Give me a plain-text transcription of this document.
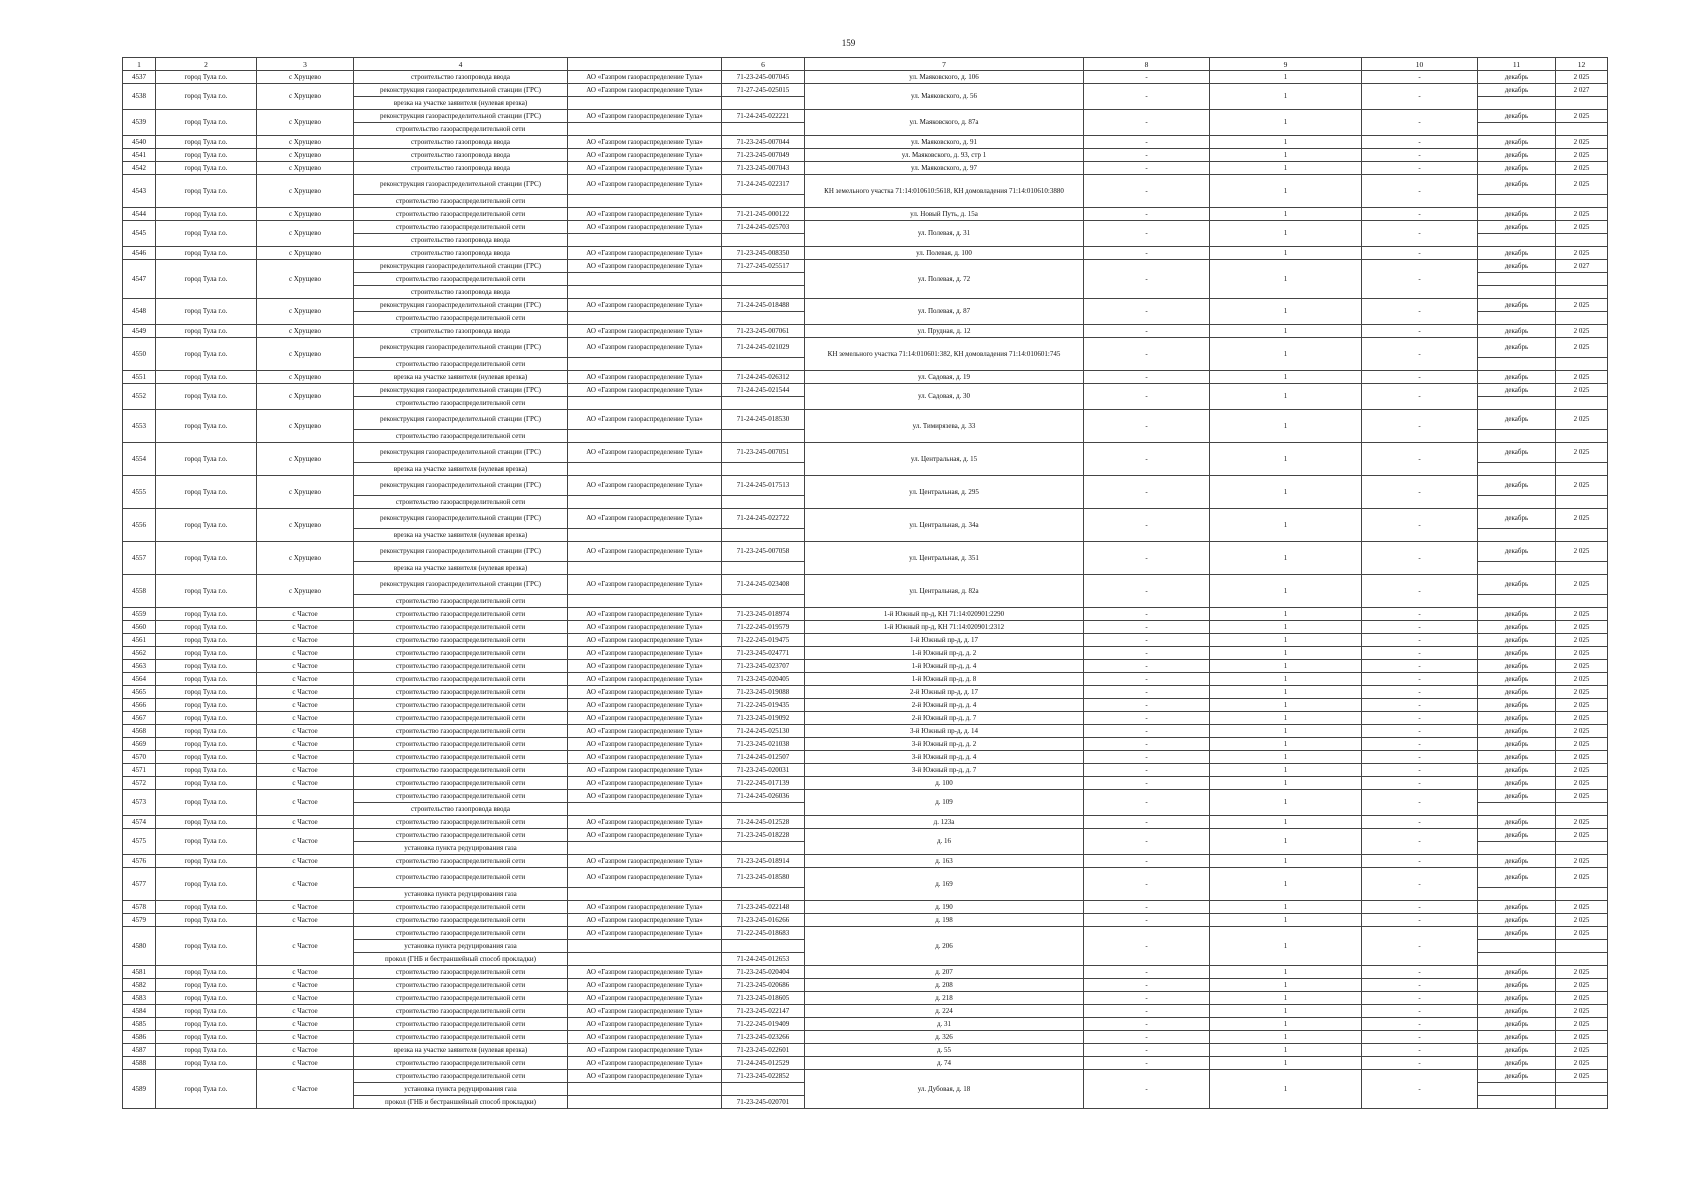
159
1	2	3	4		6	7	8	9	10	11	12
4537	город Тула г.о.	с Хрущево	строительство газопровода ввода	АО «Газпром газораспределение Тула»	71-23-245-007045	ул. Маяковского, д. 106	-	1	-	декабрь	2 025
4538	город Тула г.о.	с Хрущево	реконструкция газораспределительной станции (ГРС)	АО «Газпром газораспределение Тула»	71-27-245-025015	ул. Маяковского, д. 56	-	1	-	декабрь	2 027
			врезка на участке заявителя (нулевая врезка)								
4539	город Тула г.о.	с Хрущево	реконструкция газораспределительной станции (ГРС)	АО «Газпром газораспределение Тула»	71-24-245-022221	ул. Маяковского, д. 87а	-	1	-	декабрь	2 025
			строительство газораспределительной сети								
4540	город Тула г.о.	с Хрущево	строительство газопровода ввода	АО «Газпром газораспределение Тула»	71-23-245-007044	ул. Маяковского, д. 91	-	1	-	декабрь	2 025
4541	город Тула г.о.	с Хрущево	строительство газопровода ввода	АО «Газпром газораспределение Тула»	71-23-245-007049	ул. Маяковского, д. 93, стр 1	-	1	-	декабрь	2 025
4542	город Тула г.о.	с Хрущево	строительство газопровода ввода	АО «Газпром газораспределение Тула»	71-23-245-007043	ул. Маяковского, д. 97	-	1	-	декабрь	2 025
4543	город Тула г.о.	с Хрущево	реконструкция газораспределительной станции (ГРС)	АО «Газпром газораспределение Тула»	71-24-245-022317	КН земельного участка 71:14:010610:5618, КН домовладения 71:14:010610:3880	-	1	-	декабрь	2 025
			строительство газораспределительной сети								
4544	город Тула г.о.	с Хрущево	строительство газораспределительной сети	АО «Газпром газораспределение Тула»	71-21-245-000122	ул. Новый Путь, д. 15а	-	1	-	декабрь	2 025
4545	город Тула г.о.	с Хрущево	строительство газораспределительной сети	АО «Газпром газораспределение Тула»	71-24-245-025703	ул. Полевая, д. 31	-	1	-	декабрь	2 025
			строительство газопровода ввода								
4546	город Тула г.о.	с Хрущево	строительство газопровода ввода	АО «Газпром газораспределение Тула»	71-23-245-008350	ул. Полевая, д. 100	-	1	-	декабрь	2 025
4547	город Тула г.о.	с Хрущево	реконструкция газораспределительной станции (ГРС)	АО «Газпром газораспределение Тула»	71-27-245-025517	ул. Полевая, д. 72	-	1	-	декабрь	2 027
			строительство газораспределительной сети								
			строительство газопровода ввода								
4548	город Тула г.о.	с Хрущево	реконструкция газораспределительной станции (ГРС)	АО «Газпром газораспределение Тула»	71-24-245-018488	ул. Полевая, д. 87	-	1	-	декабрь	2 025
			строительство газораспределительной сети								
4549	город Тула г.о.	с Хрущево	строительство газопровода ввода	АО «Газпром газораспределение Тула»	71-23-245-007061	ул. Прудная, д. 12	-	1	-	декабрь	2 025
4550	город Тула г.о.	с Хрущево	реконструкция газораспределительной станции (ГРС)	АО «Газпром газораспределение Тула»	71-24-245-021029	КН земельного участка 71:14:010601:382, КН домовладения 71:14:010601:745	-	1	-	декабрь	2 025
			строительство газораспределительной сети								
4551	город Тула г.о.	с Хрущево	врезка на участке заявителя (нулевая врезка)	АО «Газпром газораспределение Тула»	71-24-245-026312	ул. Садовая, д. 19	-	1	-	декабрь	2 025
4552	город Тула г.о.	с Хрущево	реконструкция газораспределительной станции (ГРС)	АО «Газпром газораспределение Тула»	71-24-245-021544	ул. Садовая, д. 30	-	1	-	декабрь	2 025
			строительство газораспределительной сети								
4553	город Тула г.о.	с Хрущево	реконструкция газораспределительной станции (ГРС)	АО «Газпром газораспределение Тула»	71-24-245-018530	ул. Тимирязева, д. 33	-	1	-	декабрь	2 025
			строительство газораспределительной сети								
4554	город Тула г.о.	с Хрущево	реконструкция газораспределительной станции (ГРС)	АО «Газпром газораспределение Тула»	71-23-245-007051	ул. Центральная, д. 15	-	1	-	декабрь	2 025
			врезка на участке заявителя (нулевая врезка)								
4555	город Тула г.о.	с Хрущево	реконструкция газораспределительной станции (ГРС)	АО «Газпром газораспределение Тула»	71-24-245-017513	ул. Центральная, д. 295	-	1	-	декабрь	2 025
			строительство газораспределительной сети								
4556	город Тула г.о.	с Хрущево	реконструкция газораспределительной станции (ГРС)	АО «Газпром газораспределение Тула»	71-24-245-022722	ул. Центральная, д. 34а	-	1	-	декабрь	2 025
			врезка на участке заявителя (нулевая врезка)								
4557	город Тула г.о.	с Хрущево	реконструкция газораспределительной станции (ГРС)	АО «Газпром газораспределение Тула»	71-23-245-007058	ул. Центральная, д. 351	-	1	-	декабрь	2 025
			врезка на участке заявителя (нулевая врезка)								
4558	город Тула г.о.	с Хрущево	реконструкция газораспределительной станции (ГРС)	АО «Газпром газораспределение Тула»	71-24-245-023408	ул. Центральная, д. 82а	-	1	-	декабрь	2 025
			строительство газораспределительной сети								
4559	город Тула г.о.	с Частое	строительство газораспределительной сети	АО «Газпром газораспределение Тула»	71-23-245-018974	1-й Южный пр-д, КН 71:14:020901:2290	-	1	-	декабрь	2 025
4560	город Тула г.о.	с Частое	строительство газораспределительной сети	АО «Газпром газораспределение Тула»	71-22-245-019579	1-й Южный пр-д, КН 71:14:020901:2312	-	1	-	декабрь	2 025
4561	город Тула г.о.	с Частое	строительство газораспределительной сети	АО «Газпром газораспределение Тула»	71-22-245-019475	1-й Южный пр-д, д. 17	-	1	-	декабрь	2 025
4562	город Тула г.о.	с Частое	строительство газораспределительной сети	АО «Газпром газораспределение Тула»	71-23-245-024771	1-й Южный пр-д, д. 2	-	1	-	декабрь	2 025
4563	город Тула г.о.	с Частое	строительство газораспределительной сети	АО «Газпром газораспределение Тула»	71-23-245-023707	1-й Южный пр-д, д. 4	-	1	-	декабрь	2 025
4564	город Тула г.о.	с Частое	строительство газораспределительной сети	АО «Газпром газораспределение Тула»	71-23-245-020405	1-й Южный пр-д, д. 8	-	1	-	декабрь	2 025
4565	город Тула г.о.	с Частое	строительство газораспределительной сети	АО «Газпром газораспределение Тула»	71-23-245-019088	2-й Южный пр-д, д. 17	-	1	-	декабрь	2 025
4566	город Тула г.о.	с Частое	строительство газораспределительной сети	АО «Газпром газораспределение Тула»	71-22-245-019435	2-й Южный пр-д, д. 4	-	1	-	декабрь	2 025
4567	город Тула г.о.	с Частое	строительство газораспределительной сети	АО «Газпром газораспределение Тула»	71-23-245-019092	2-й Южный пр-д, д. 7	-	1	-	декабрь	2 025
4568	город Тула г.о.	с Частое	строительство газораспределительной сети	АО «Газпром газораспределение Тула»	71-24-245-025130	3-й Южный пр-д, д. 14	-	1	-	декабрь	2 025
4569	город Тула г.о.	с Частое	строительство газораспределительной сети	АО «Газпром газораспределение Тула»	71-23-245-021038	3-й Южный пр-д, д. 2	-	1	-	декабрь	2 025
4570	город Тула г.о.	с Частое	строительство газораспределительной сети	АО «Газпром газораспределение Тула»	71-24-245-012507	3-й Южный пр-д, д. 4	-	1	-	декабрь	2 025
4571	город Тула г.о.	с Частое	строительство газораспределительной сети	АО «Газпром газораспределение Тула»	71-23-245-020031	3-й Южный пр-д, д. 7	-	1	-	декабрь	2 025
4572	город Тула г.о.	с Частое	строительство газораспределительной сети	АО «Газпром газораспределение Тула»	71-22-245-017139	д. 100	-	1	-	декабрь	2 025
4573	город Тула г.о.	с Частое	строительство газораспределительной сети	АО «Газпром газораспределение Тула»	71-24-245-026036	д. 109	-	1	-	декабрь	2 025
			строительство газопровода ввода								
4574	город Тула г.о.	с Частое	строительство газораспределительной сети	АО «Газпром газораспределение Тула»	71-24-245-012528	д. 123а	-	1	-	декабрь	2 025
4575	город Тула г.о.	с Частое	строительство газораспределительной сети	АО «Газпром газораспределение Тула»	71-23-245-018228	д. 16	-	1	-	декабрь	2 025
			установка пункта редуцирования газа								
4576	город Тула г.о.	с Частое	строительство газораспределительной сети	АО «Газпром газораспределение Тула»	71-23-245-018914	д. 163	-	1	-	декабрь	2 025
4577	город Тула г.о.	с Частое	строительство газораспределительной сети	АО «Газпром газораспределение Тула»	71-23-245-018580	д. 169	-	1	-	декабрь	2 025
			установка пункта редуцирования газа								
4578	город Тула г.о.	с Частое	строительство газораспределительной сети	АО «Газпром газораспределение Тула»	71-23-245-022148	д. 190	-	1	-	декабрь	2 025
4579	город Тула г.о.	с Частое	строительство газораспределительной сети	АО «Газпром газораспределение Тула»	71-23-245-016266	д. 198	-	1	-	декабрь	2 025
4580	город Тула г.о.	с Частое	строительство газораспределительной сети	АО «Газпром газораспределение Тула»	71-22-245-018683	д. 206	-	1	-	декабрь	2 025
			установка пункта редуцирования газа								
			прокол (ГНБ и бестраншейный способ прокладки)		71-24-245-012653						
4581	город Тула г.о.	с Частое	строительство газораспределительной сети	АО «Газпром газораспределение Тула»	71-23-245-020404	д. 207	-	1	-	декабрь	2 025
4582	город Тула г.о.	с Частое	строительство газораспределительной сети	АО «Газпром газораспределение Тула»	71-23-245-020686	д. 208	-	1	-	декабрь	2 025
4583	город Тула г.о.	с Частое	строительство газораспределительной сети	АО «Газпром газораспределение Тула»	71-23-245-018605	д. 218	-	1	-	декабрь	2 025
4584	город Тула г.о.	с Частое	строительство газораспределительной сети	АО «Газпром газораспределение Тула»	71-23-245-022147	д. 224	-	1	-	декабрь	2 025
4585	город Тула г.о.	с Частое	строительство газораспределительной сети	АО «Газпром газораспределение Тула»	71-22-245-019409	д. 31	-	1	-	декабрь	2 025
4586	город Тула г.о.	с Частое	строительство газораспределительной сети	АО «Газпром газораспределение Тула»	71-23-245-023266	д. 326	-	1	-	декабрь	2 025
4587	город Тула г.о.	с Частое	врезка на участке заявителя (нулевая врезка)	АО «Газпром газораспределение Тула»	71-23-245-022601	д. 55	-	1	-	декабрь	2 025
4588	город Тула г.о.	с Частое	строительство газораспределительной сети	АО «Газпром газораспределение Тула»	71-24-245-012529	д. 74	-	1	-	декабрь	2 025
4589	город Тула г.о.	с Частое	строительство газораспределительной сети	АО «Газпром газораспределение Тула»	71-23-245-022852	ул. Дубовая, д. 18	-	1	-	декабрь	2 025
			установка пункта редуцирования газа								
			прокол (ГНБ и бестраншейный способ прокладки)		71-23-245-020701						
